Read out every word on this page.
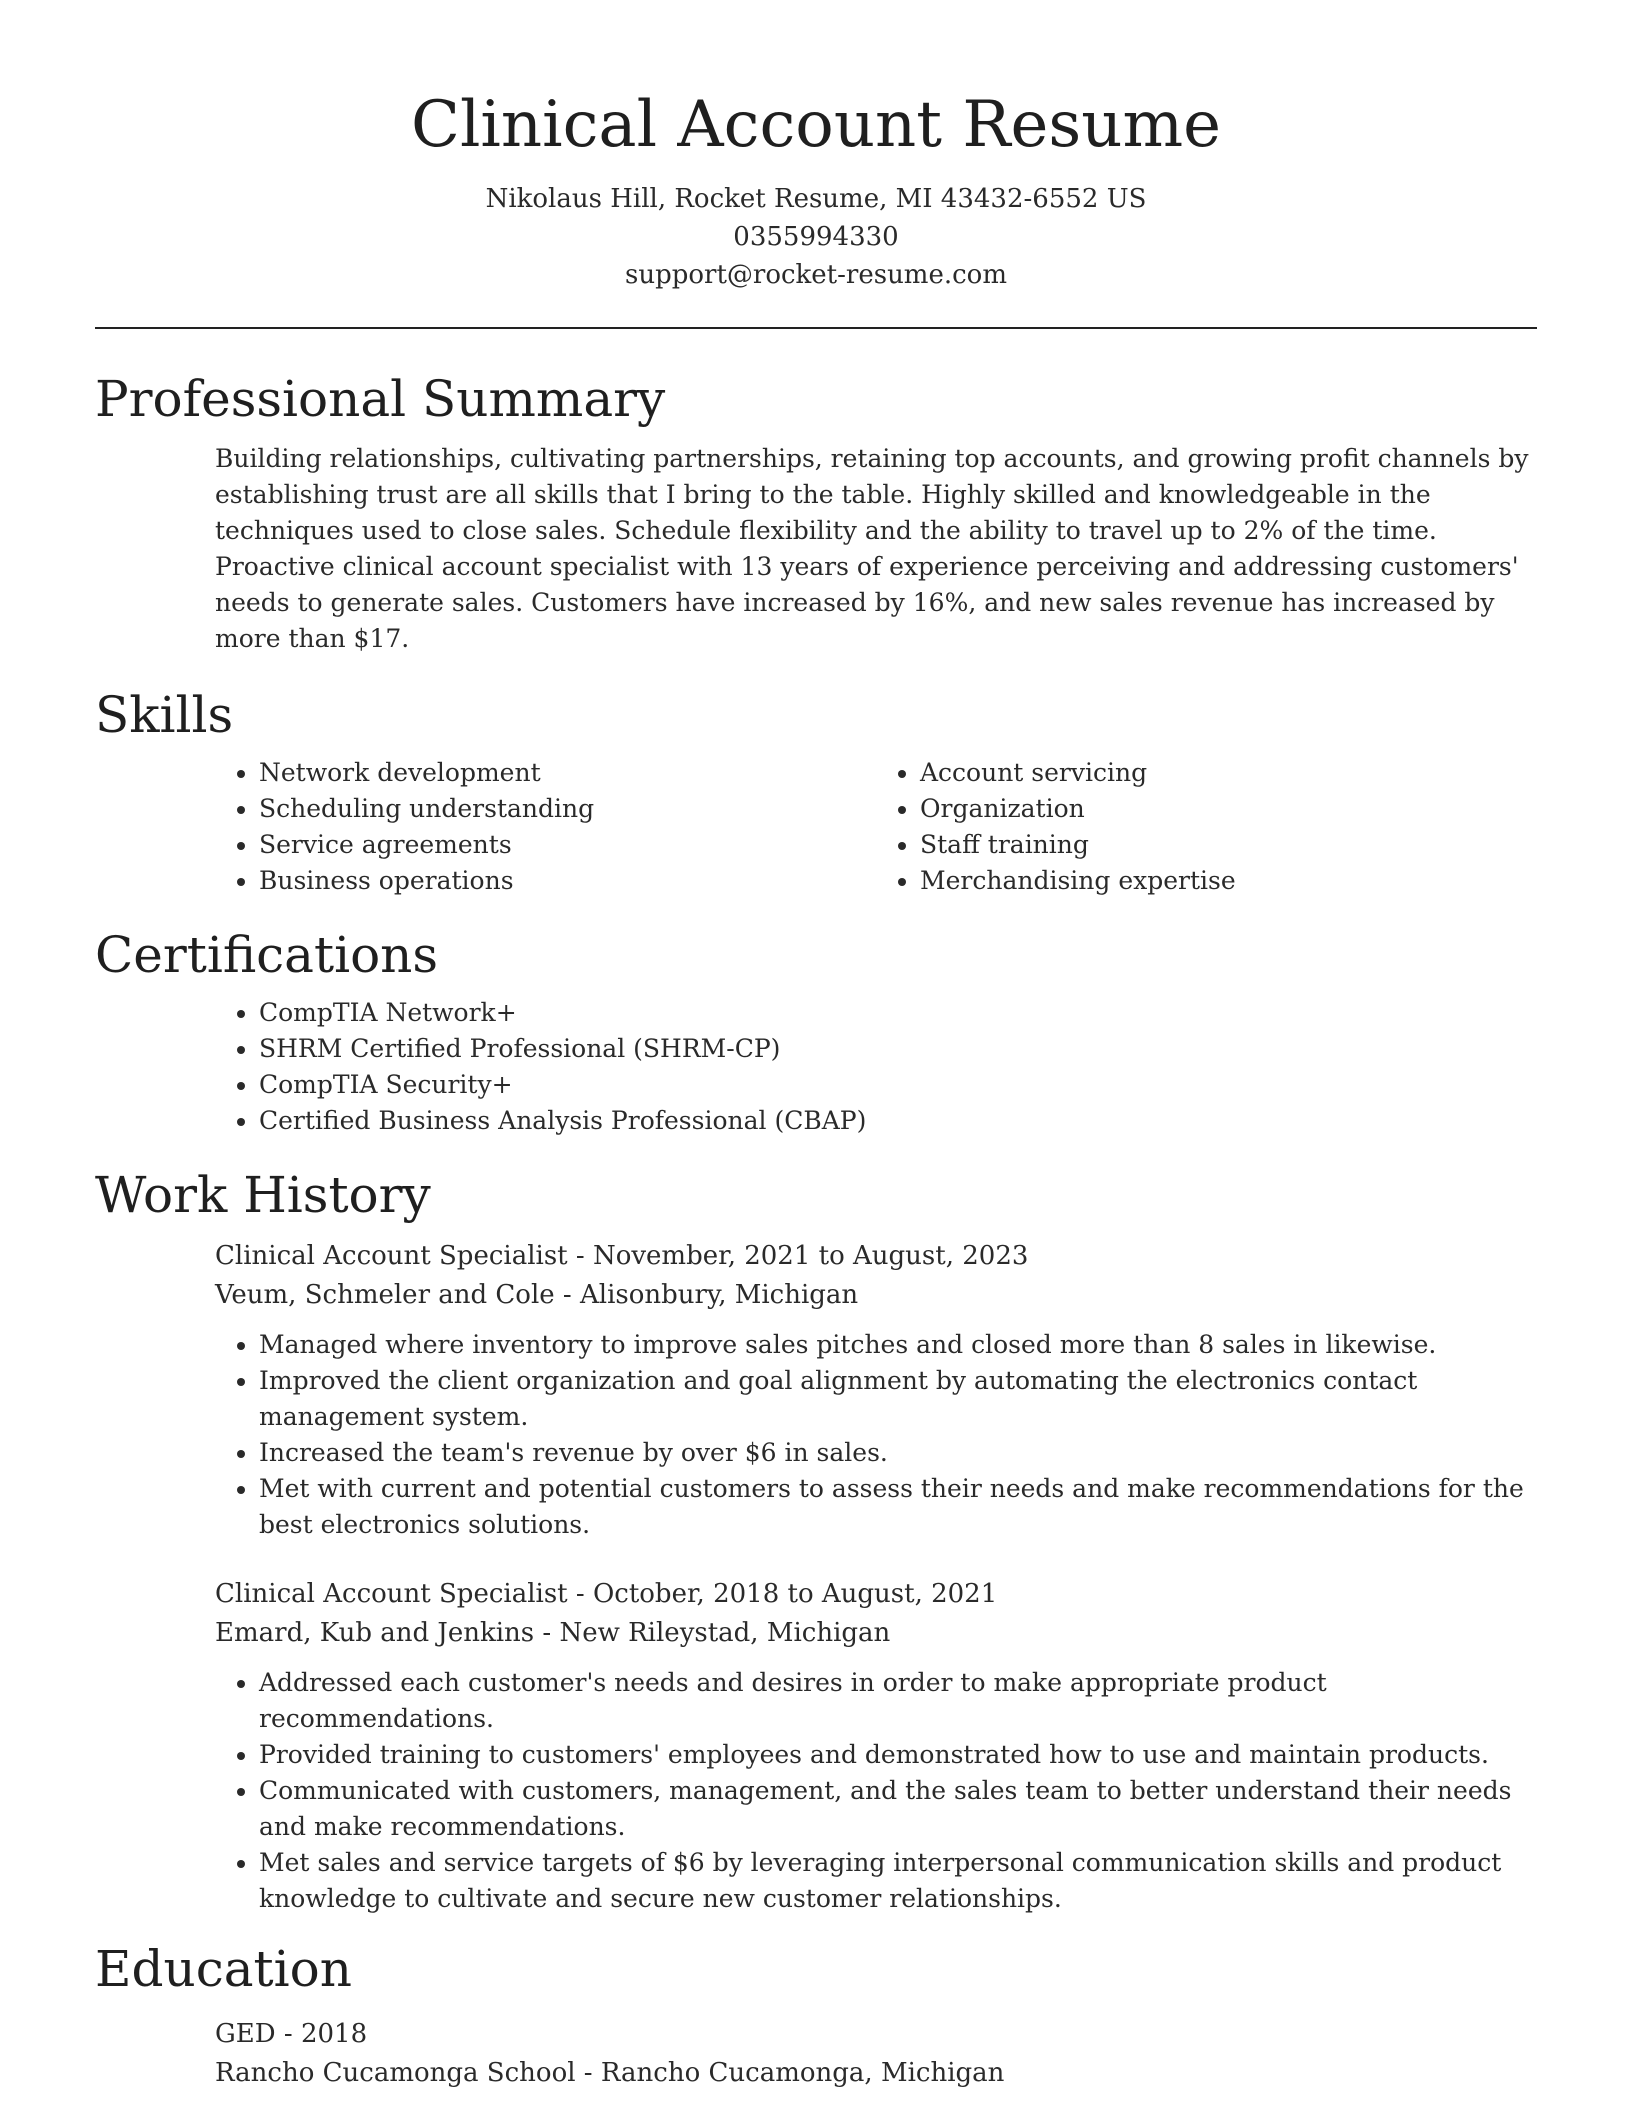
Clinical Account Resume
Nikolaus Hill, Rocket Resume, MI 43432-6552 US
0355994330
support@rocket-resume.com
Professional Summary

Building relationships, cultivating partnerships, retaining top accounts, and growing profit channels by establishing trust are all skills that I bring to the table. Highly skilled and knowledgeable in the techniques used to close sales. Schedule flexibility and the ability to travel up to 2% of the time. Proactive clinical account specialist with 13 years of experience perceiving and addressing customers' needs to generate sales. Customers have increased by 16%, and new sales revenue has increased by more than $17.

Skills
• Network development
• Scheduling understanding
• Service agreements
• Business operations
• Account servicing
• Organization
• Staff training
• Merchandising expertise
Certifications
• CompTIA Network+
• SHRM Certified Professional (SHRM-CP)
• CompTIA Security+
• Certified Business Analysis Professional (CBAP)
Work History
Clinical Account Specialist - November, 2021 to August, 2023
Veum, Schmeler and Cole - Alisonbury, Michigan
• Managed where inventory to improve sales pitches and closed more than 8 sales in likewise.
• Improved the client organization and goal alignment by automating the electronics contact management system.
• Increased the team's revenue by over $6 in sales.
• Met with current and potential customers to assess their needs and make recommendations for the best electronics solutions.
Clinical Account Specialist - October, 2018 to August, 2021
Emard, Kub and Jenkins - New Rileystad, Michigan
• Addressed each customer's needs and desires in order to make appropriate product recommendations.
• Provided training to customers' employees and demonstrated how to use and maintain products.
• Communicated with customers, management, and the sales team to better understand their needs and make recommendations.
• Met sales and service targets of $6 by leveraging interpersonal communication skills and product knowledge to cultivate and secure new customer relationships.
Education
GED - 2018
Rancho Cucamonga School - Rancho Cucamonga, Michigan
